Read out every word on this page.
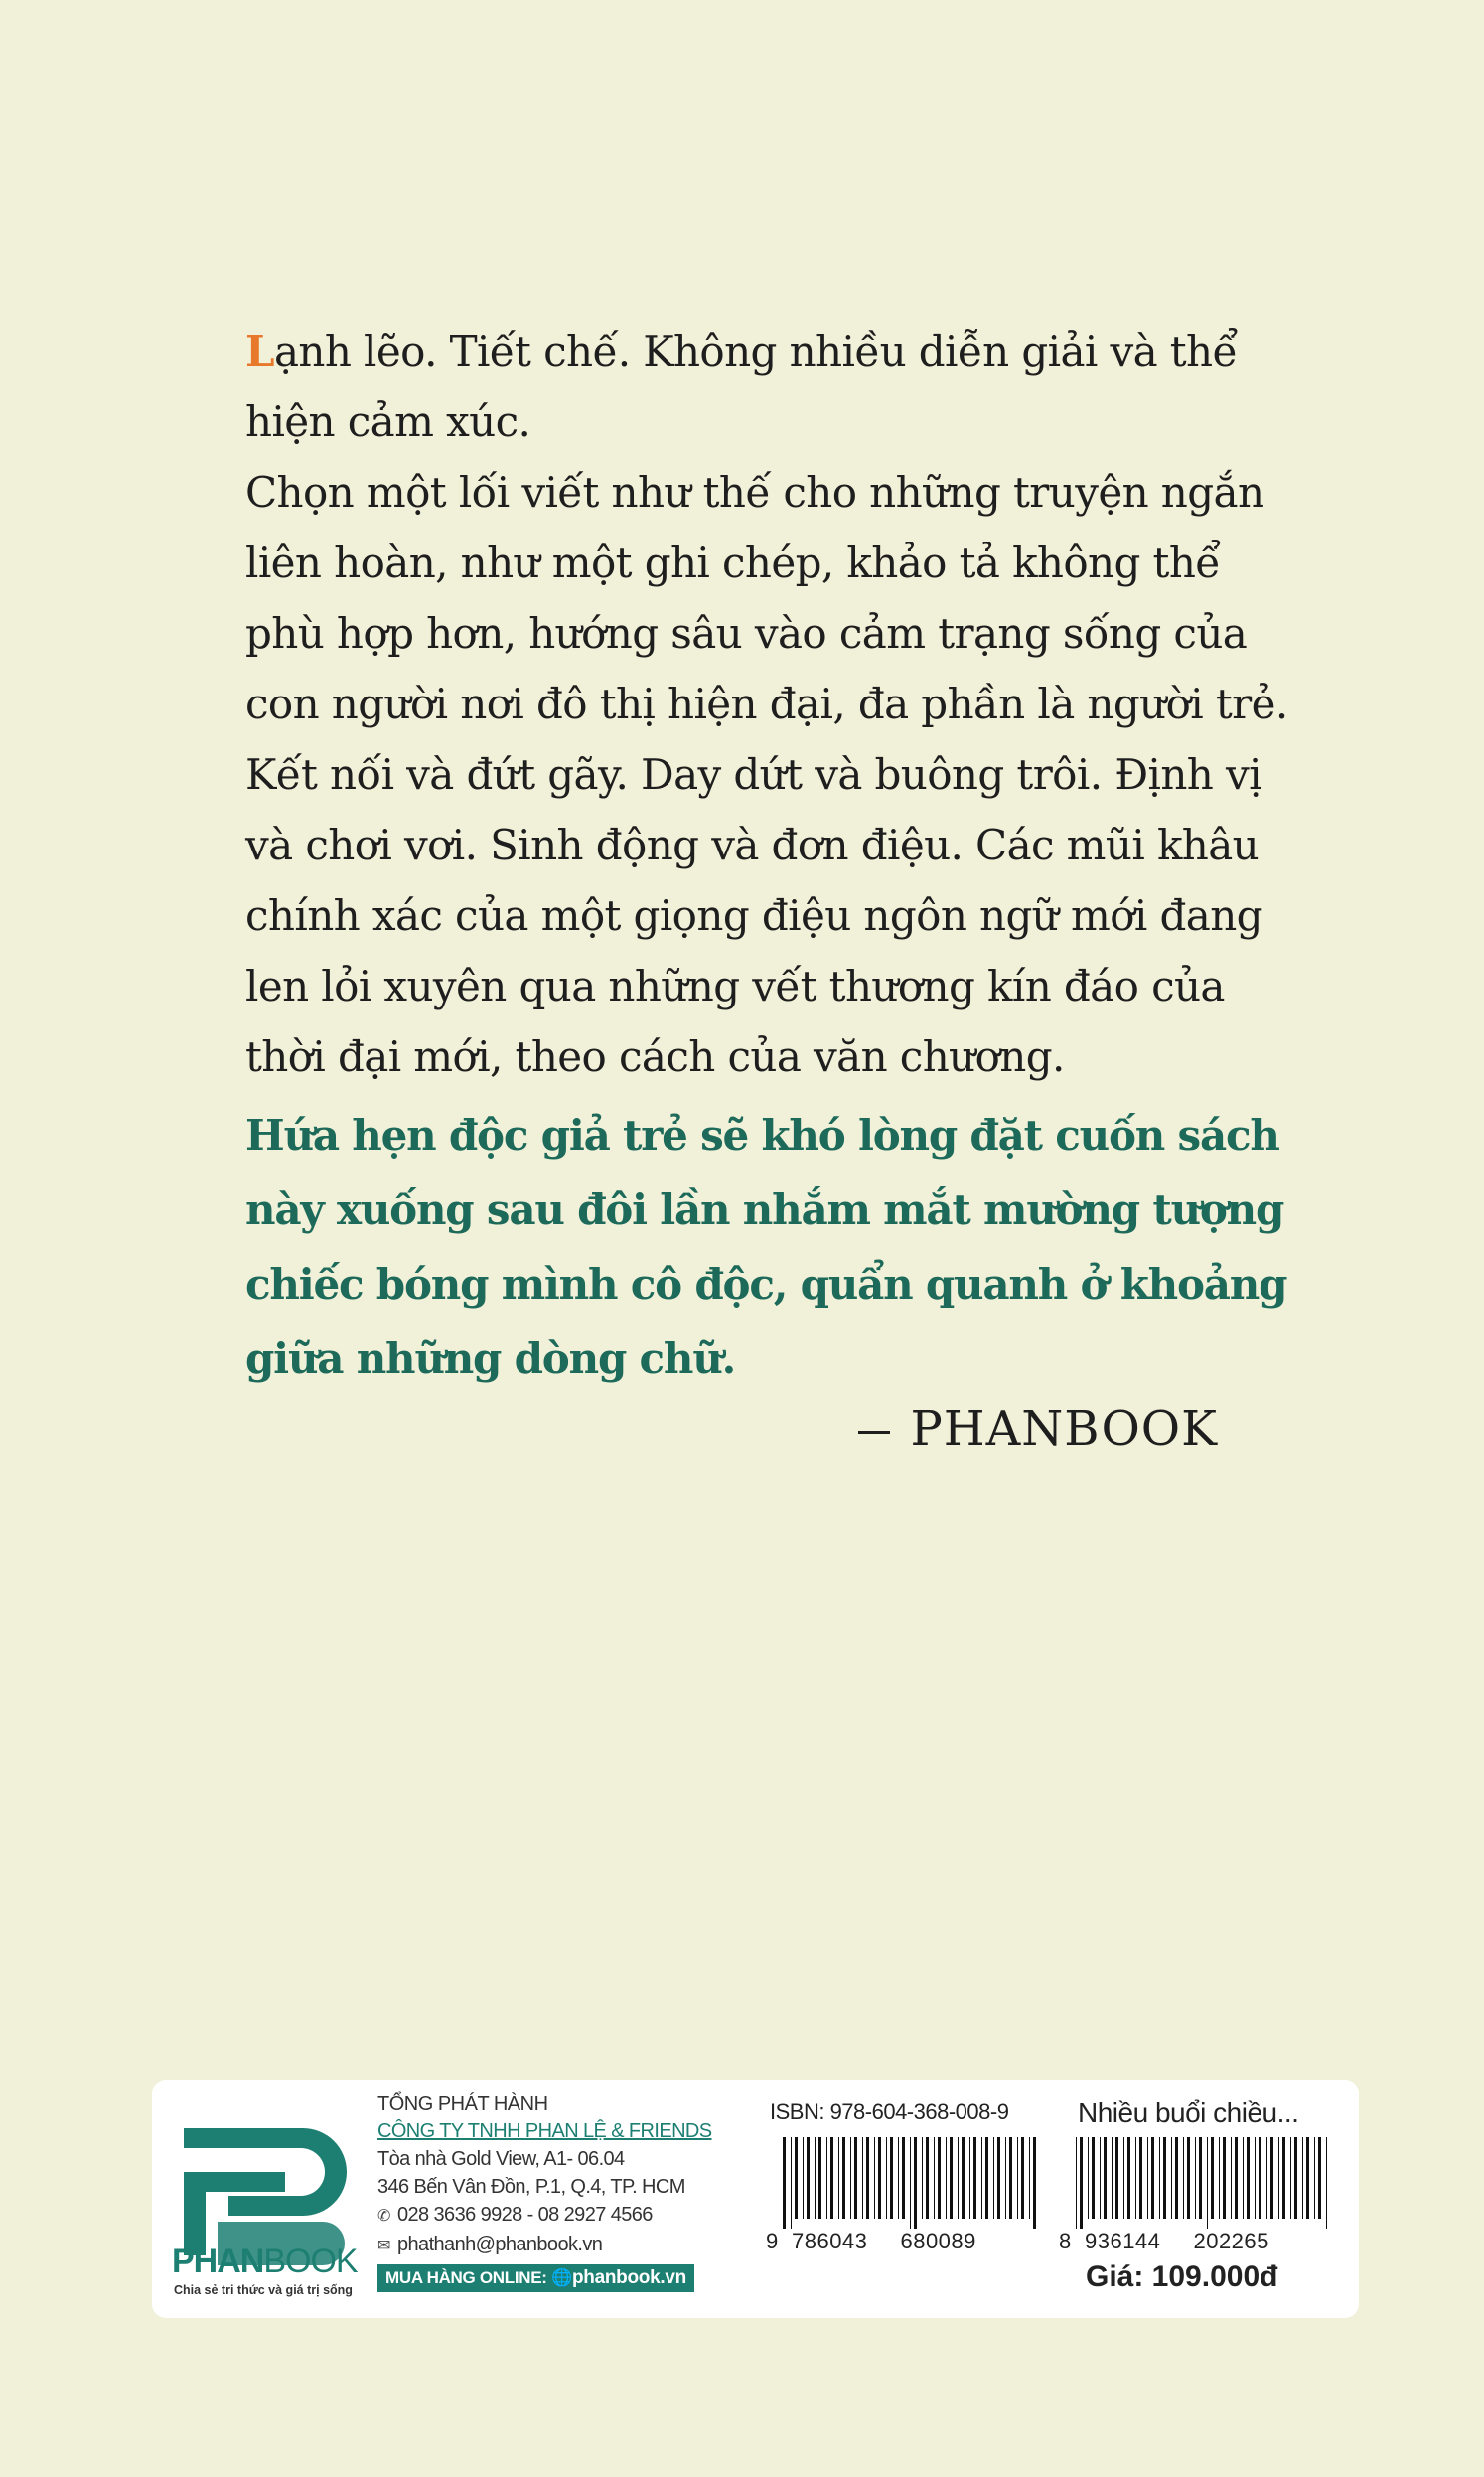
Lạnh lẽo. Tiết chế. Không nhiều diễn giải và thể

hiện cảm xúc.

Chọn một lối viết như thế cho những truyện ngắn

liên hoàn, như một ghi chép, khảo tả không thể

phù hợp hơn, hướng sâu vào cảm trạng sống của

con người nơi đô thị hiện đại, đa phần là người trẻ.

Kết nối và đứt gãy. Day dứt và buông trôi. Định vị

và chơi vơi. Sinh động và đơn điệu. Các mũi khâu

chính xác của một giọng điệu ngôn ngữ mới đang

len lỏi xuyên qua những vết thương kín đáo của

thời đại mới, theo cách của văn chương.

Hứa hẹn độc giả trẻ sẽ khó lòng đặt cuốn sách

này xuống sau đôi lần nhắm mắt mường tượng

chiếc bóng mình cô độc, quẩn quanh ở khoảng

giữa những dòng chữ.

PHANBOOK
PHANBOOK
Chia sẻ tri thức và giá trị sống

TỔNG PHÁT HÀNH

CÔNG TY TNHH PHAN LỆ & FRIENDS

Tòa nhà Gold View, A1- 06.04

346 Bến Vân Đồn, P.1, Q.4, TP. HCM

✆ 028 3636 9928 - 08 2927 4566

✉ phathanh@phanbook.vn

MUA HÀNG ONLINE: 🌐phanbook.vn
ISBN: 978-604-368-008-9
9 786043 680089
Nhiều buổi chiều...
8 936144 202265
Giá: 109.000đ
